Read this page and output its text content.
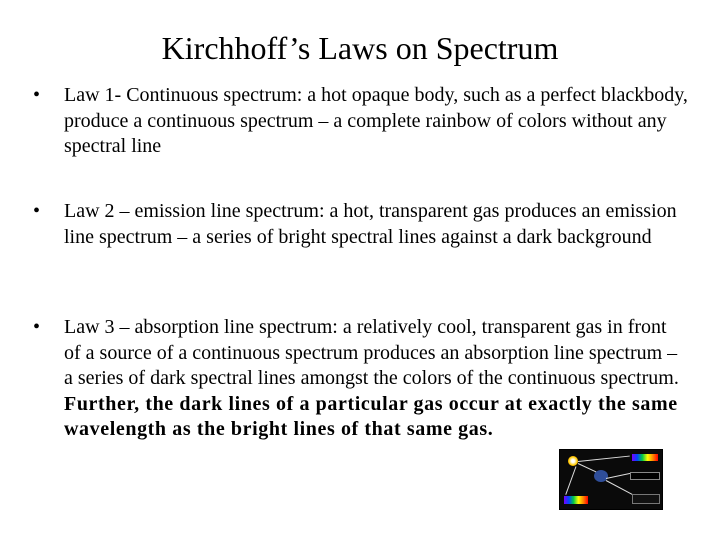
Kirchhoff’s Laws on Spectrum
•	Law 1- Continuous spectrum: a hot opaque body, such as a perfect blackbody, produce a continuous spectrum – a complete rainbow of colors without any spectral line
•	Law 2 – emission line spectrum: a hot, transparent gas produces an emission line spectrum – a series of bright spectral lines against a dark background
•	Law 3 – absorption line spectrum: a relatively cool, transparent gas in front of a source of a continuous spectrum produces an absorption line spectrum – a series of dark spectral lines amongst the colors of the continuous spectrum. Further, the dark lines of a particular gas occur at exactly the same wavelength as the bright lines of that same gas.
